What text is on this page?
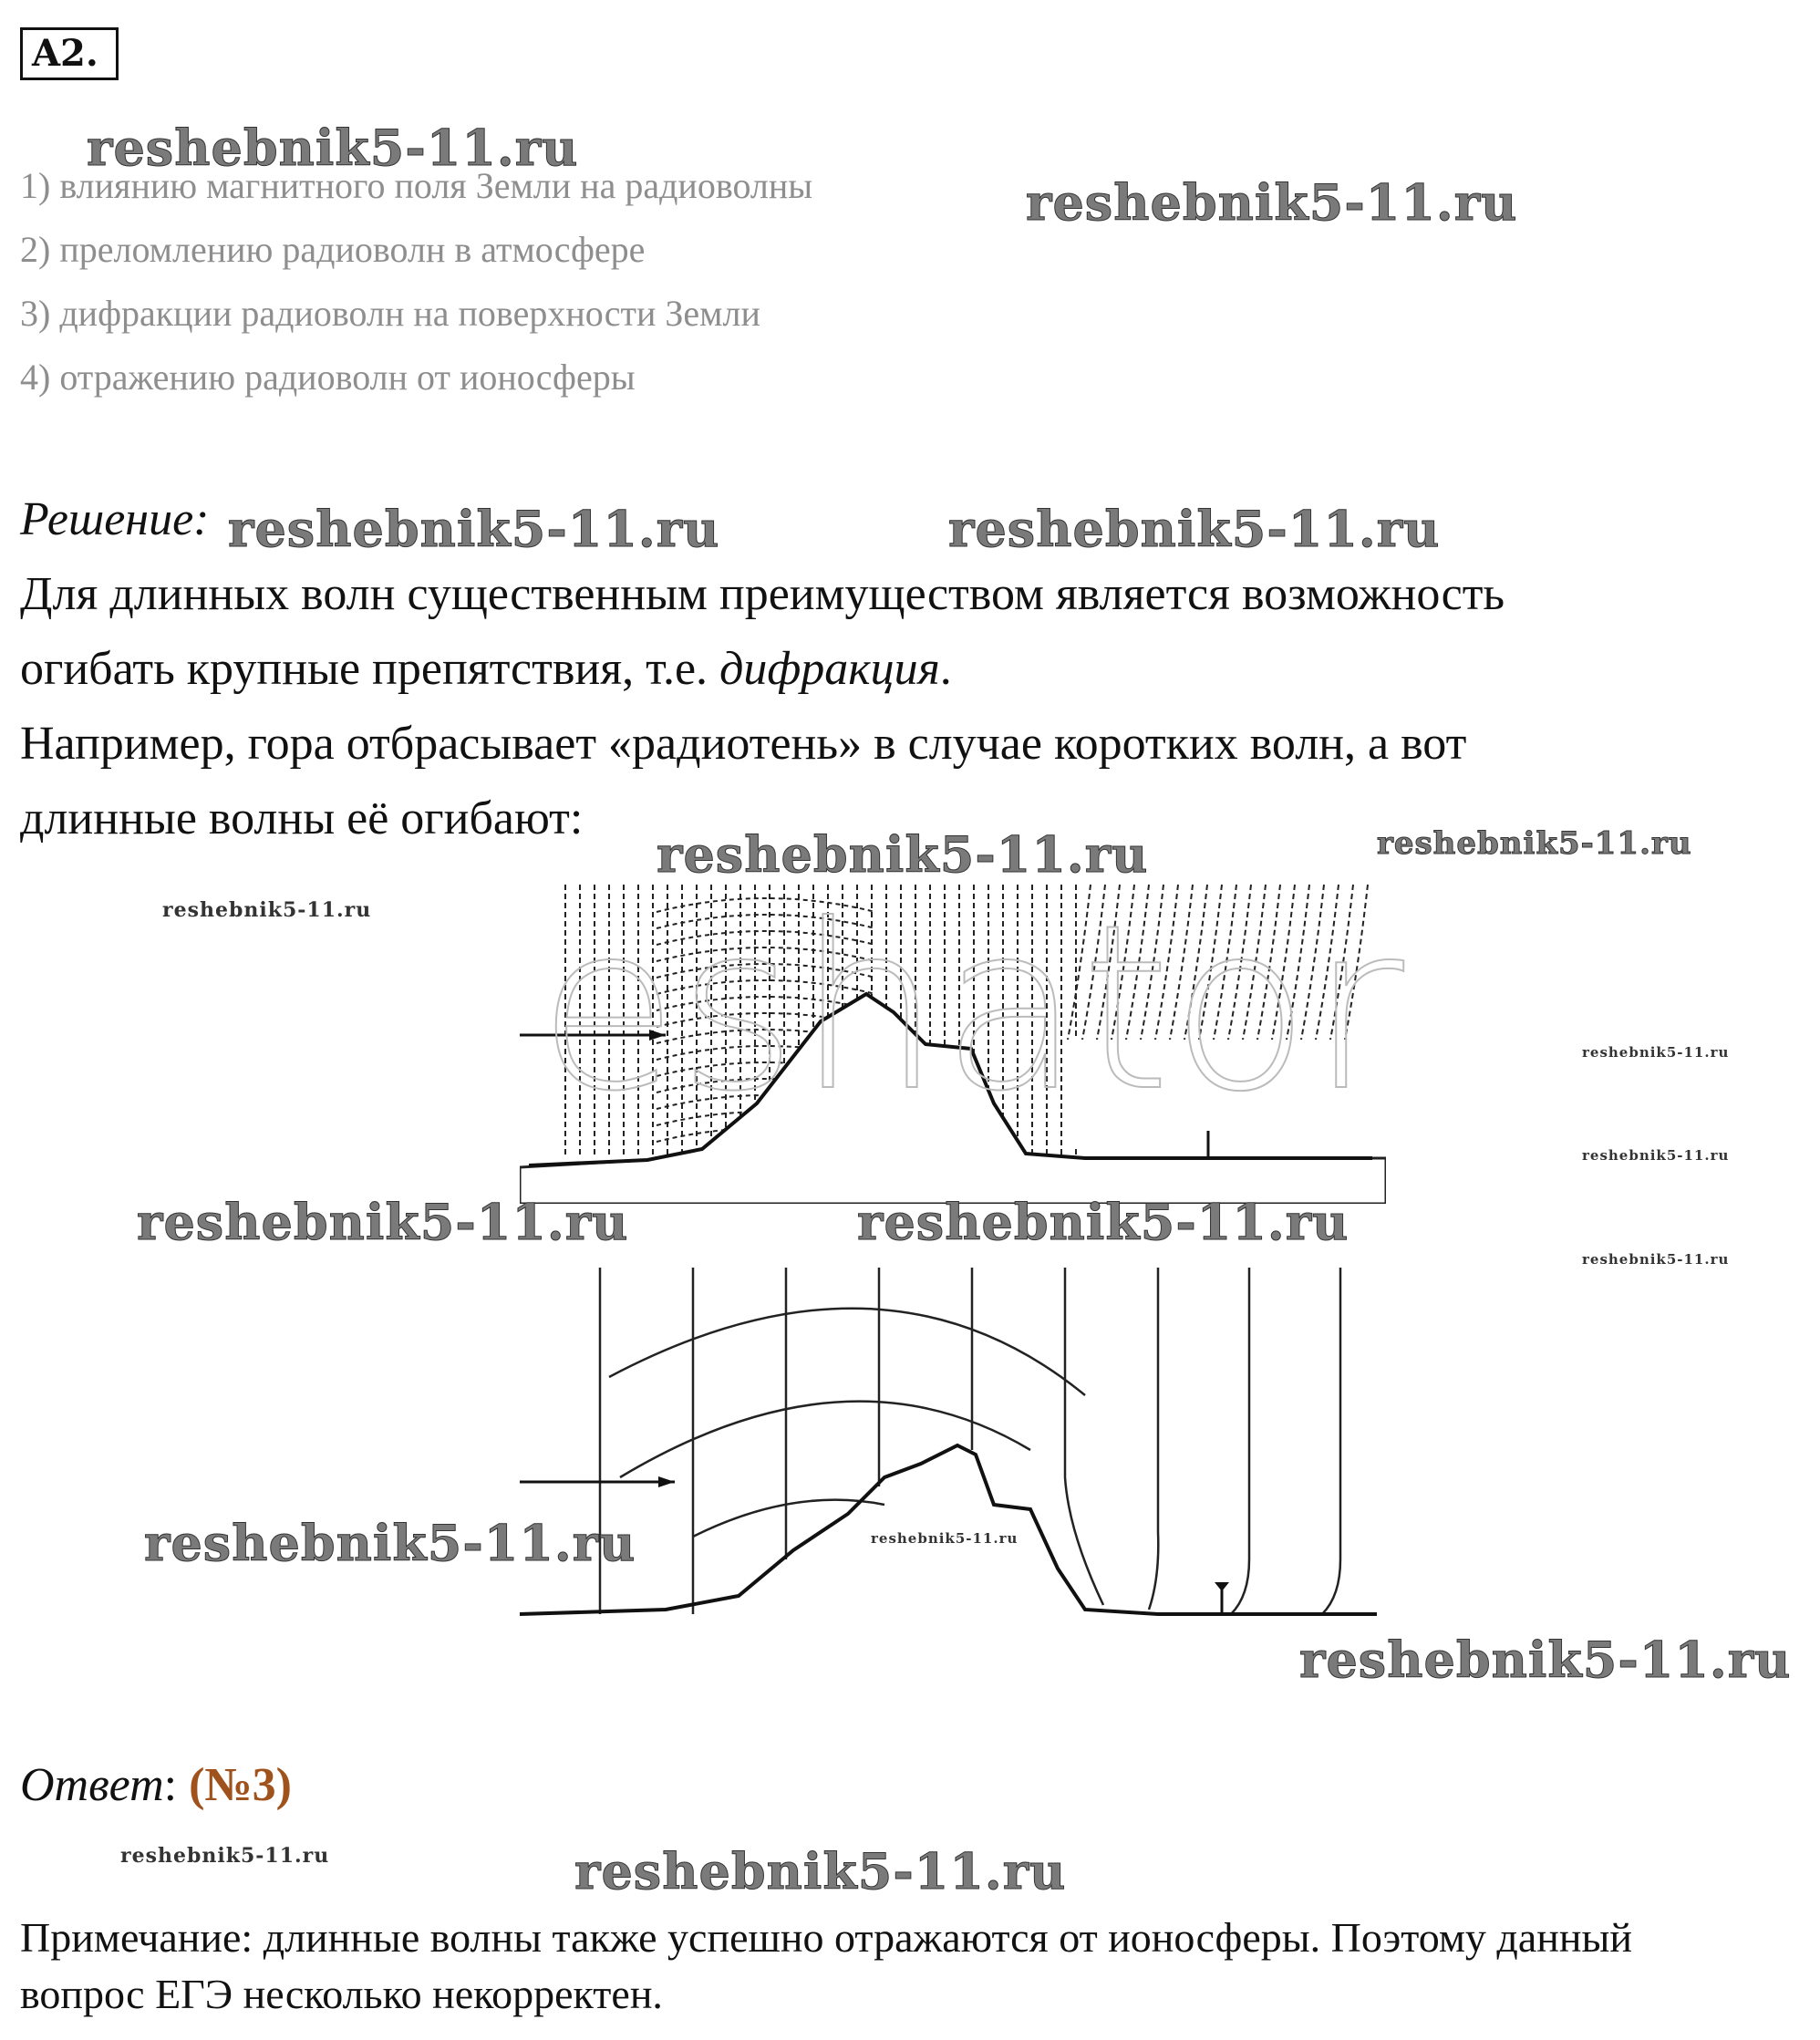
A2.
1) влиянию магнитного поля Земли на радиоволны
2) преломлению радиоволн в атмосфере
3) дифракции радиоволн на поверхности Земли
4) отражению радиоволн от ионосферы
Решение:
Для длинных волн существенным преимуществом является возможность
огибать крупные препятствия, т.е. дифракция.
Например, гора отбрасывает «радиотень» в случае коротких волн, а вот
длинные волны её огибают:
eshator
reshebnik5-11.ru
reshebnik5-11.ru
reshebnik5-11.ru	reshebnik5-11.ru
reshebnik5-11.ru	reshebnik5-11.ru
reshebnik5-11.ru
reshebnik5-11.ru
reshebnik5-11.ru
reshebnik5-11.ru
reshebnik5-11.ru	reshebnik5-11.ru
reshebnik5-11.ru	reshebnik5-11.ru
reshebnik5-11.ru
reshebnik5-11.ru	reshebnik5-11.ru
Ответ: (№3)
Примечание: длинные волны также успешно отражаются от ионосферы. Поэтому данный
вопрос ЕГЭ несколько некорректен.
